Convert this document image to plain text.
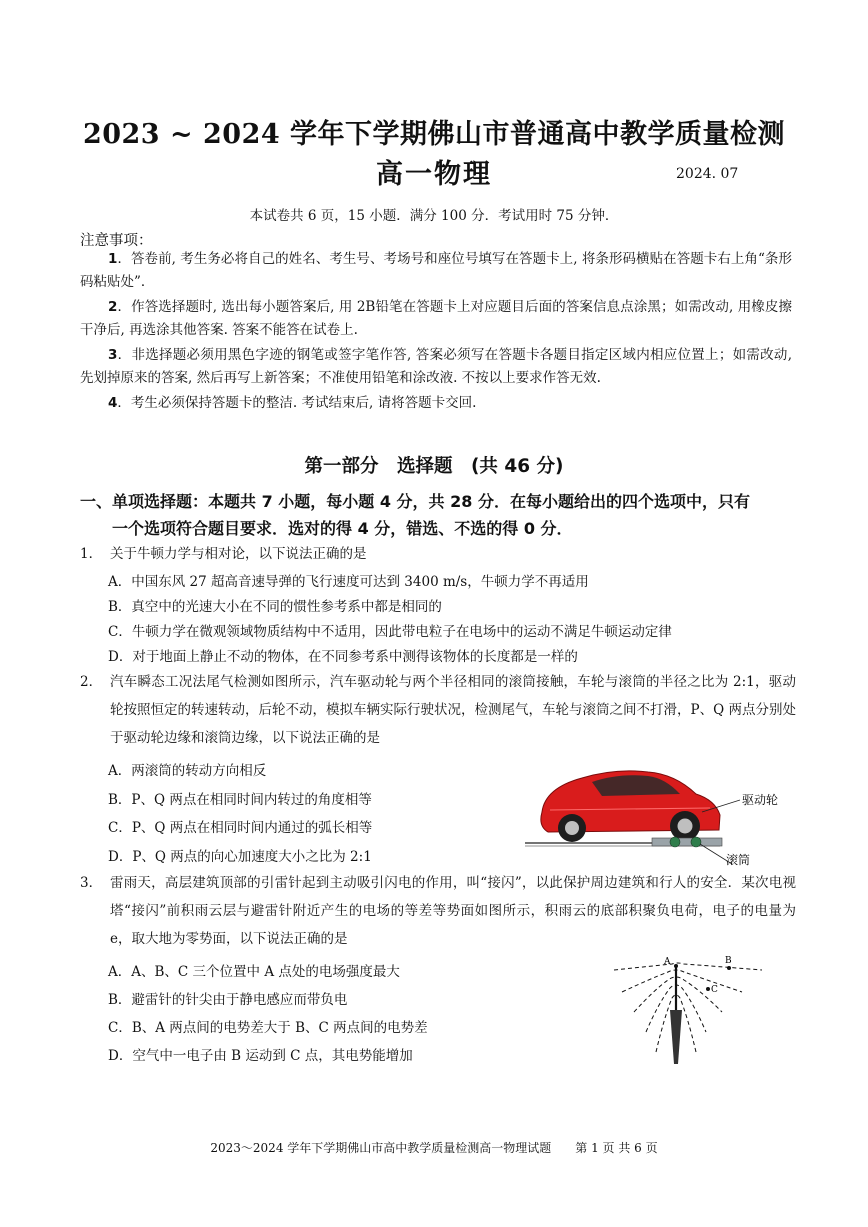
2023 ~ 2024 学年下学期佛山市普通高中教学质量检测
高一物理	2024. 07
本试卷共 6 页，15 小题．满分 100 分．考试用时 75 分钟．
注意事项：
1．答卷前, 考生务必将自己的姓名、考生号、考场号和座位号填写在答题卡上, 将条形码横贴在答题卡右上角“条形码粘贴处”．
2．作答选择题时, 选出每小题答案后, 用 2B铅笔在答题卡上对应题目后面的答案信息点涂黑；如需改动, 用橡皮擦干净后, 再选涂其他答案. 答案不能答在试卷上.
3．非选择题必须用黑色字迹的钢笔或签字笔作答, 答案必须写在答题卡各题目指定区域内相应位置上；如需改动, 先划掉原来的答案, 然后再写上新答案；不准使用铅笔和涂改液. 不按以上要求作答无效.
4．考生必须保持答题卡的整洁. 考试结束后, 请将答题卡交回.
第一部分　选择题　(共 46 分)
一、单项选择题：本题共 7 小题，每小题 4 分，共 28 分．在每小题给出的四个选项中，只有
一个选项符合题目要求．选对的得 4 分，错选、不选的得 0 分．
1． 关于牛顿力学与相对论，以下说法正确的是
A．中国东风 27 超高音速导弹的飞行速度可达到 3400 m/s，牛顿力学不再适用
B．真空中的光速大小在不同的惯性参考系中都是相同的
C．牛顿力学在微观领域物质结构中不适用，因此带电粒子在电场中的运动不满足牛顿运动定律
D．对于地面上静止不动的物体，在不同参考系中测得该物体的长度都是一样的
2． 汽车瞬态工况法尾气检测如图所示，汽车驱动轮与两个半径相同的滚筒接触，车轮与滚筒的半径之比为 2:1，驱动轮按照恒定的转速转动，后轮不动，模拟车辆实际行驶状况，检测尾气，车轮与滚筒之间不打滑，P、Q 两点分别处于驱动轮边缘和滚筒边缘，以下说法正确的是
A．两滚筒的转动方向相反
B．P、Q 两点在相同时间内转过的角度相等
C．P、Q 两点在相同时间内通过的弧长相等
D．P、Q 两点的向心加速度大小之比为 2:1
驱动轮
滚筒
3． 雷雨天，高层建筑顶部的引雷针起到主动吸引闪电的作用，叫“接闪”，以此保护周边建筑和行人的安全．某次电视塔“接闪”前积雨云层与避雷针附近产生的电场的等差等势面如图所示，积雨云的底部积聚负电荷，电子的电量为 e，取大地为零势面，以下说法正确的是
A．A、B、C 三个位置中 A 点处的电场强度最大
B．避雷针的针尖由于静电感应而带负电
C．B、A 两点间的电势差大于 B、C 两点间的电势差
D．空气中一电子由 B 运动到 C 点，其电势能增加
A	B
C
2023～2024 学年下学期佛山市高中教学质量检测高一物理试题　　第 1 页 共 6 页
